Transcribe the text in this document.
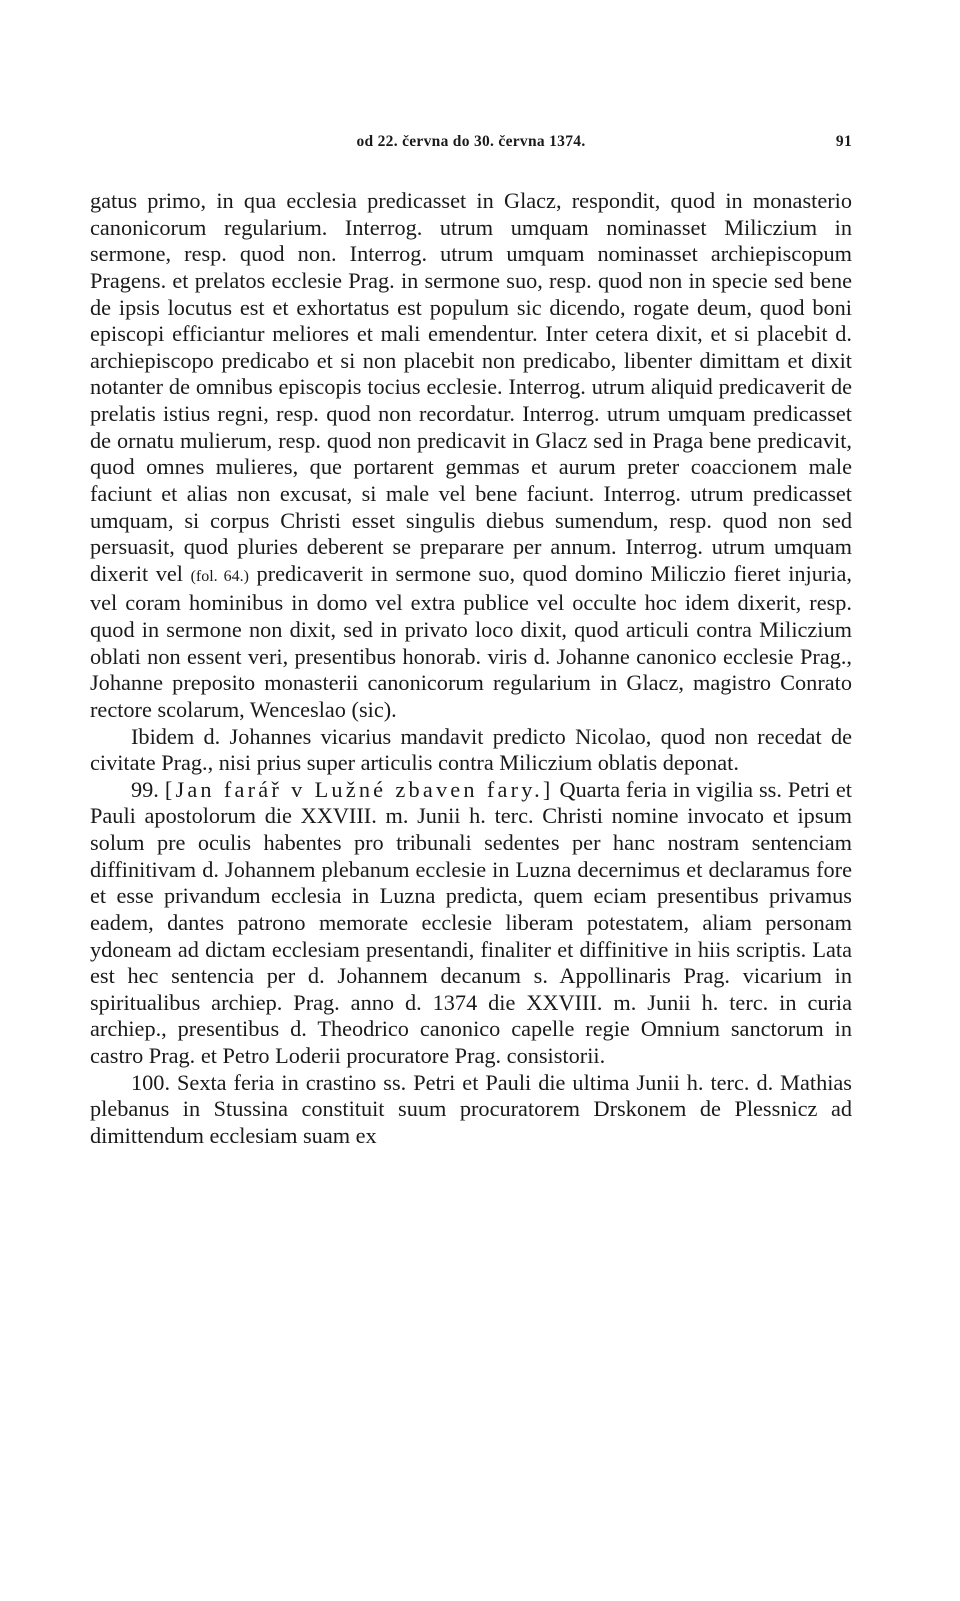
od 22. června do 30. června 1374.	91

gatus primo, in qua ecclesia predicasset in Glacz, respondit, quod in monasterio canonicorum regularium. Interrog. utrum umquam nominasset Miliczium in sermone, resp. quod non. Interrog. utrum umquam nominasset archiepiscopum Pragens. et prelatos ecclesie Prag. in sermone suo, resp. quod non in specie sed bene de ipsis locutus est et exhortatus est populum sic dicendo, rogate deum, quod boni episcopi efficiantur meliores et mali emendentur. Inter cetera dixit, et si placebit d. archiepiscopo predicabo et si non placebit non predicabo, libenter dimittam et dixit notanter de omnibus episcopis tocius ecclesie. Interrog. utrum aliquid predicaverit de prelatis istius regni, resp. quod non recordatur. Interrog. utrum umquam predicasset de ornatu mulierum, resp. quod non predicavit in Glacz sed in Praga bene predicavit, quod omnes mulieres, que portarent gemmas et aurum preter coaccionem male faciunt et alias non excusat, si male vel bene faciunt. Interrog. utrum predicasset umquam, si corpus Christi esset singulis diebus sumendum, resp. quod non sed persuasit, quod pluries deberent se preparare per annum. Interrog. utrum umquam dixerit vel (fol. 64.) predicaverit in sermone suo, quod domino Miliczio fieret injuria, vel coram hominibus in domo vel extra publice vel occulte hoc idem dixerit, resp. quod in sermone non dixit, sed in privato loco dixit, quod articuli contra Miliczium oblati non essent veri, presentibus honorab. viris d. Johanne canonico ecclesie Prag., Johanne preposito monasterii canonicorum regularium in Glacz, magistro Conrato rectore scolarum, Wenceslao (sic).

Ibidem d. Johannes vicarius mandavit predicto Nicolao, quod non recedat de civitate Prag., nisi prius super articulis contra Miliczium oblatis deponat.

99. [Jan farář v Lužné zbaven fary.] Quarta feria in vigilia ss. Petri et Pauli apostolorum die XXVIII. m. Junii h. terc. Christi nomine invocato et ipsum solum pre oculis habentes pro tribunali sedentes per hanc nostram sentenciam diffinitivam d. Johannem plebanum ecclesie in Luzna decernimus et declaramus fore et esse privandum ecclesia in Luzna predicta, quem eciam presentibus privamus eadem, dantes patrono memorate ecclesie liberam potestatem, aliam personam ydoneam ad dictam ecclesiam presentandi, finaliter et diffinitive in hiis scriptis. Lata est hec sentencia per d. Johannem decanum s. Appollinaris Prag. vicarium in spiritualibus archiep. Prag. anno d. 1374 die XXVIII. m. Junii h. terc. in curia archiep., presentibus d. Theodrico canonico capelle regie Omnium sanctorum in castro Prag. et Petro Loderii procuratore Prag. consistorii.

100. Sexta feria in crastino ss. Petri et Pauli die ultima Junii h. terc. d. Mathias plebanus in Stussina constituit suum procuratorem Drskonem de Plessnicz ad dimittendum ecclesiam suam ex
